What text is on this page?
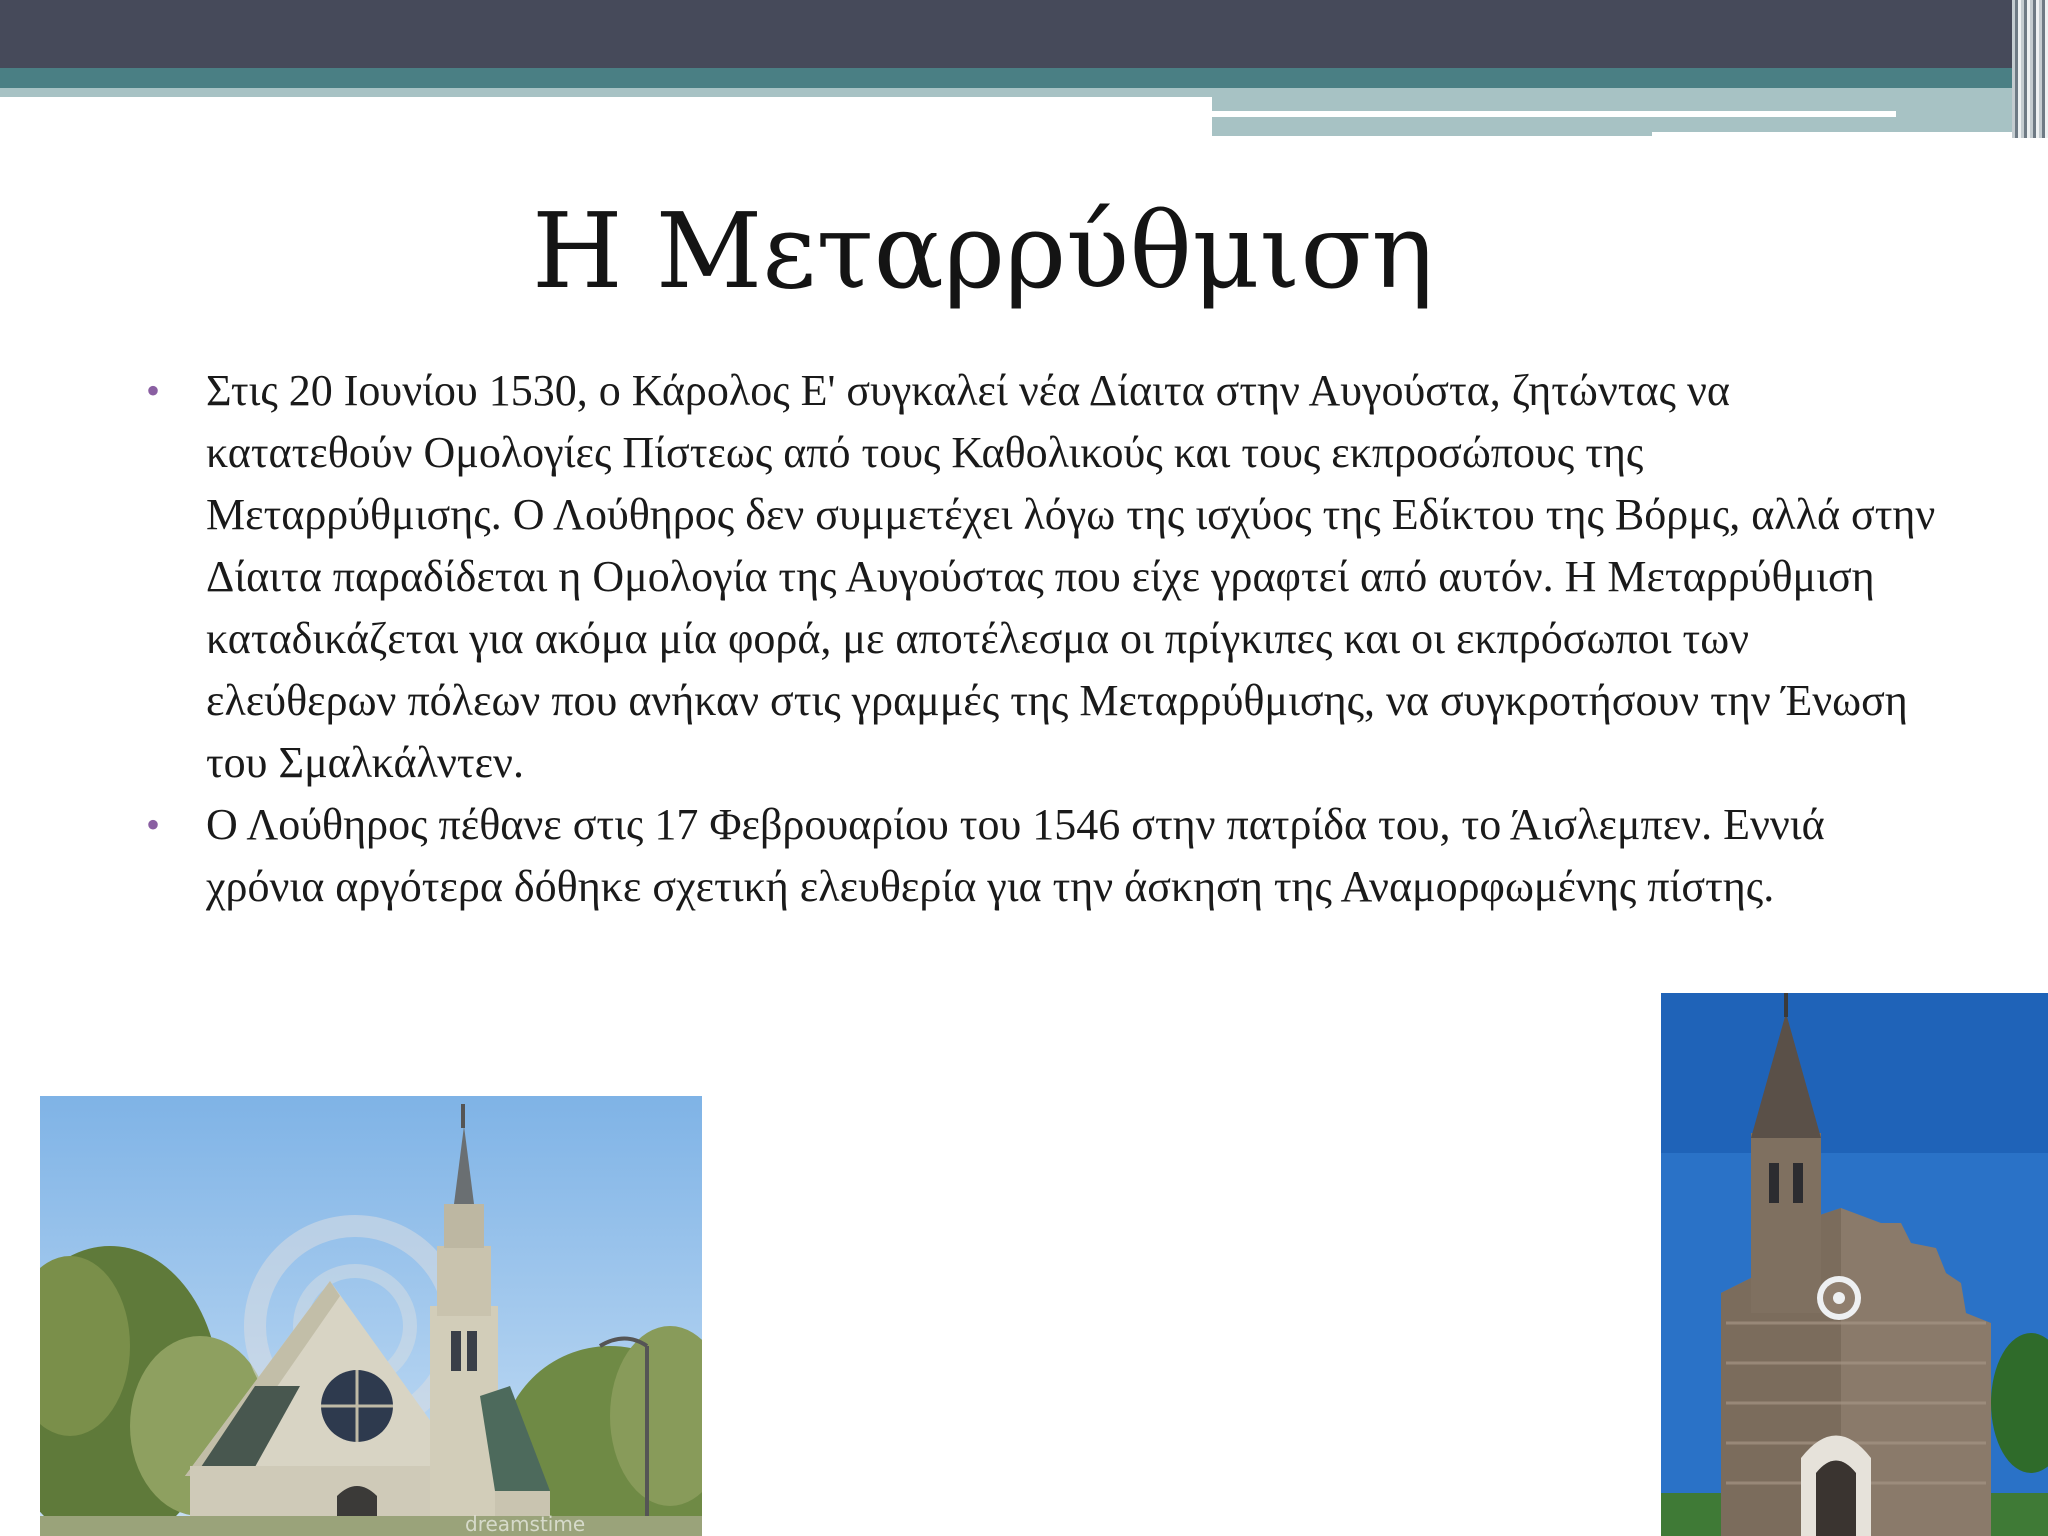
Η Μεταρρύθμιση
• Στις 20 Ιουνίου 1530, ο Κάρολος Ε' συγκαλεί νέα Δίαιτα στην Αυγούστα, ζητώντας να κατατεθούν Ομολογίες Πίστεως από τους Καθολικούς και τους εκπροσώπους της Μεταρρύθμισης. Ο Λούθηρος δεν συμμετέχει λόγω της ισχύος της Εδίκτου της Βόρμς, αλλά στην Δίαιτα παραδίδεται η Ομολογία της Αυγούστας που είχε γραφτεί από αυτόν. Η Μεταρρύθμιση καταδικάζεται για ακόμα μία φορά, με αποτέλεσμα οι πρίγκιπες και οι εκπρόσωποι των ελεύθερων πόλεων που ανήκαν στις γραμμές της Μεταρρύθμισης, να συγκροτήσουν την Ένωση του Σμαλκάλντεν.
• Ο Λούθηρος πέθανε στις 17 Φεβρουαρίου του 1546 στην πατρίδα του, το Άισλεμπεν. Εννιά χρόνια αργότερα δόθηκε σχετική ελευθερία για την άσκηση της Αναμορφωμένης πίστης.
dreamstime
